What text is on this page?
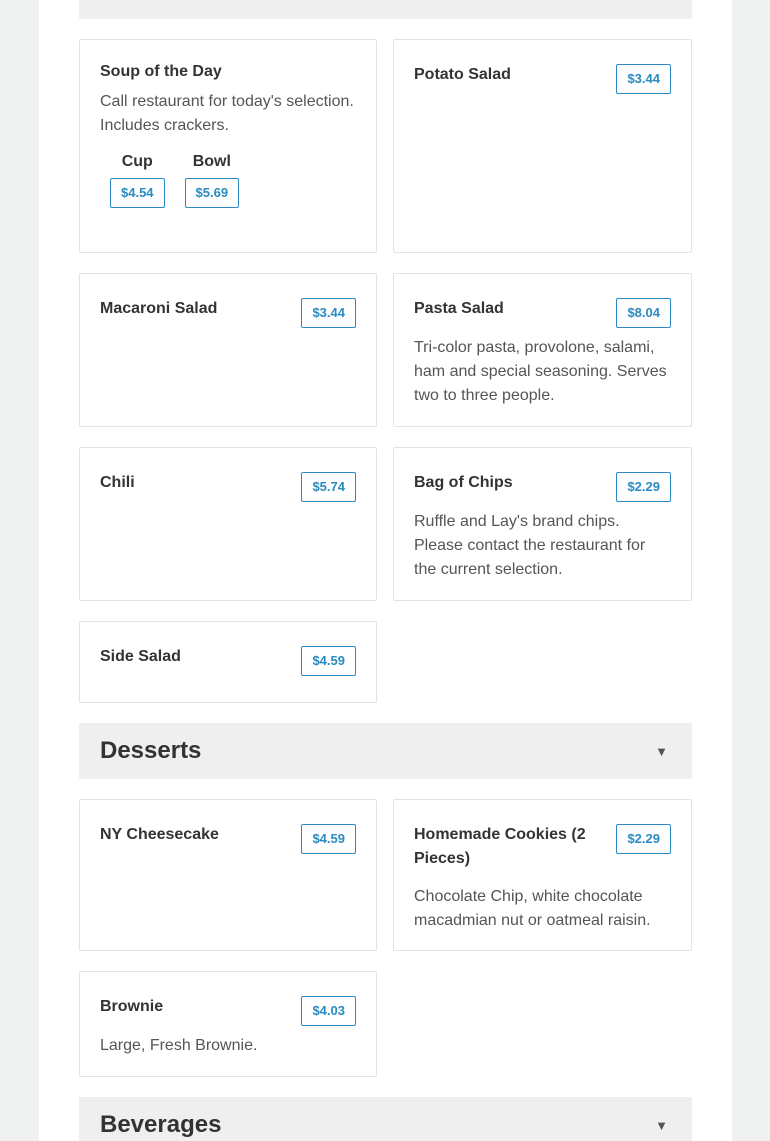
Soup of the Day
Call restaurant for today's selection. Includes crackers.
Cup
$4.54
Bowl
$5.69
Potato Salad	$3.44
Macaroni Salad	$3.44	Pasta Salad	$8.04
Tri-color pasta, provolone, salami, ham and special seasoning. Serves two to three people.
Chili	$5.74	Bag of Chips	$2.29
Ruffle and Lay's brand chips. Please contact the restaurant for the current selection.
Side Salad	$4.59
Desserts	▼
NY Cheesecake	$4.59	Homemade Cookies (2 Pieces)
$2.29
Chocolate Chip, white chocolate macadmian nut or oatmeal raisin.
Brownie	$4.03
Large, Fresh Brownie.
Beverages	▼
